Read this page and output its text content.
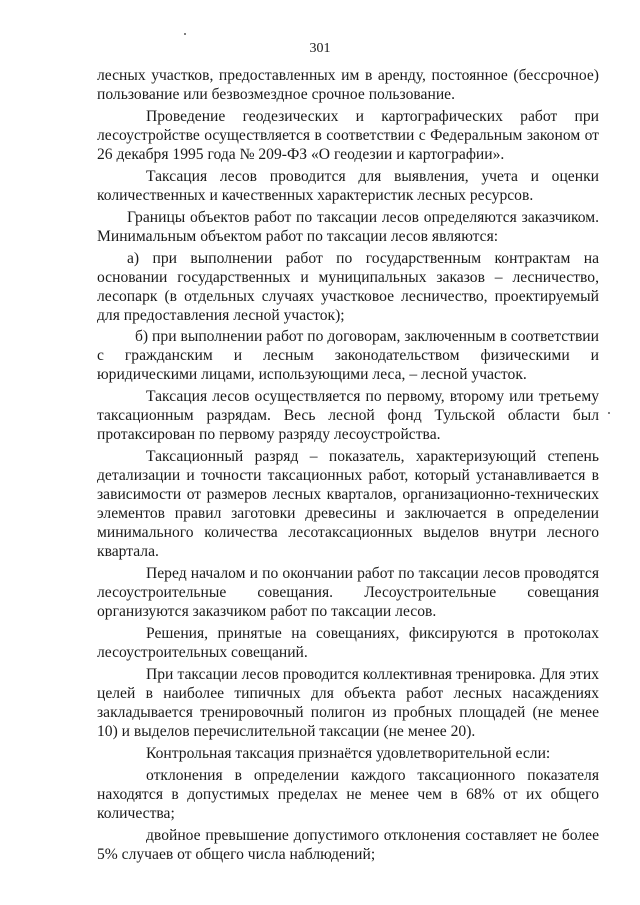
301

лесных участков, предоставленных им в аренду, постоянное (бессрочное) пользование или безвозмездное срочное пользование.

Проведение геодезических и картографических работ при лесоустройстве осуществляется в соответствии с Федеральным законом от 26 декабря 1995 года № 209-ФЗ «О геодезии и картографии».

Таксация лесов проводится для выявления, учета и оценки количественных и качественных характеристик лесных ресурсов.

Границы объектов работ по таксации лесов определяются заказчиком. Минимальным объектом работ по таксации лесов являются:

а) при выполнении работ по государственным контрактам на основании государственных и муниципальных заказов – лесничество, лесопарк (в отдельных случаях участковое лесничество, проектируемый для предоставления лесной участок);

б) при выполнении работ по договорам, заключенным в соответствии с гражданским и лесным законодательством физическими и юридическими лицами, использующими леса, – лесной участок.

Таксация лесов осуществляется по первому, второму или третьему таксационным разрядам. Весь лесной фонд Тульской области был протаксирован по первому разряду лесоустройства.

Таксационный разряд – показатель, характеризующий степень детализации и точности таксационных работ, который устанавливается в зависимости от размеров лесных кварталов, организационно-технических элементов правил заготовки древесины и заключается в определении минимального количества лесотаксационных выделов внутри лесного квартала.

Перед началом и по окончании работ по таксации лесов проводятся лесоустроительные совещания. Лесоустроительные совещания организуются заказчиком работ по таксации лесов.

Решения, принятые на совещаниях, фиксируются в протоколах лесоустроительных совещаний.

При таксации лесов проводится коллективная тренировка. Для этих целей в наиболее типичных для объекта работ лесных насаждениях закладывается тренировочный полигон из пробных площадей (не менее 10) и выделов перечислительной таксации (не менее 20).

Контрольная таксация признаётся удовлетворительной если:

отклонения в определении каждого таксационного показателя находятся в допустимых пределах не менее чем в 68% от их общего количества;

двойное превышение допустимого отклонения составляет не более 5% случаев от общего числа наблюдений;
